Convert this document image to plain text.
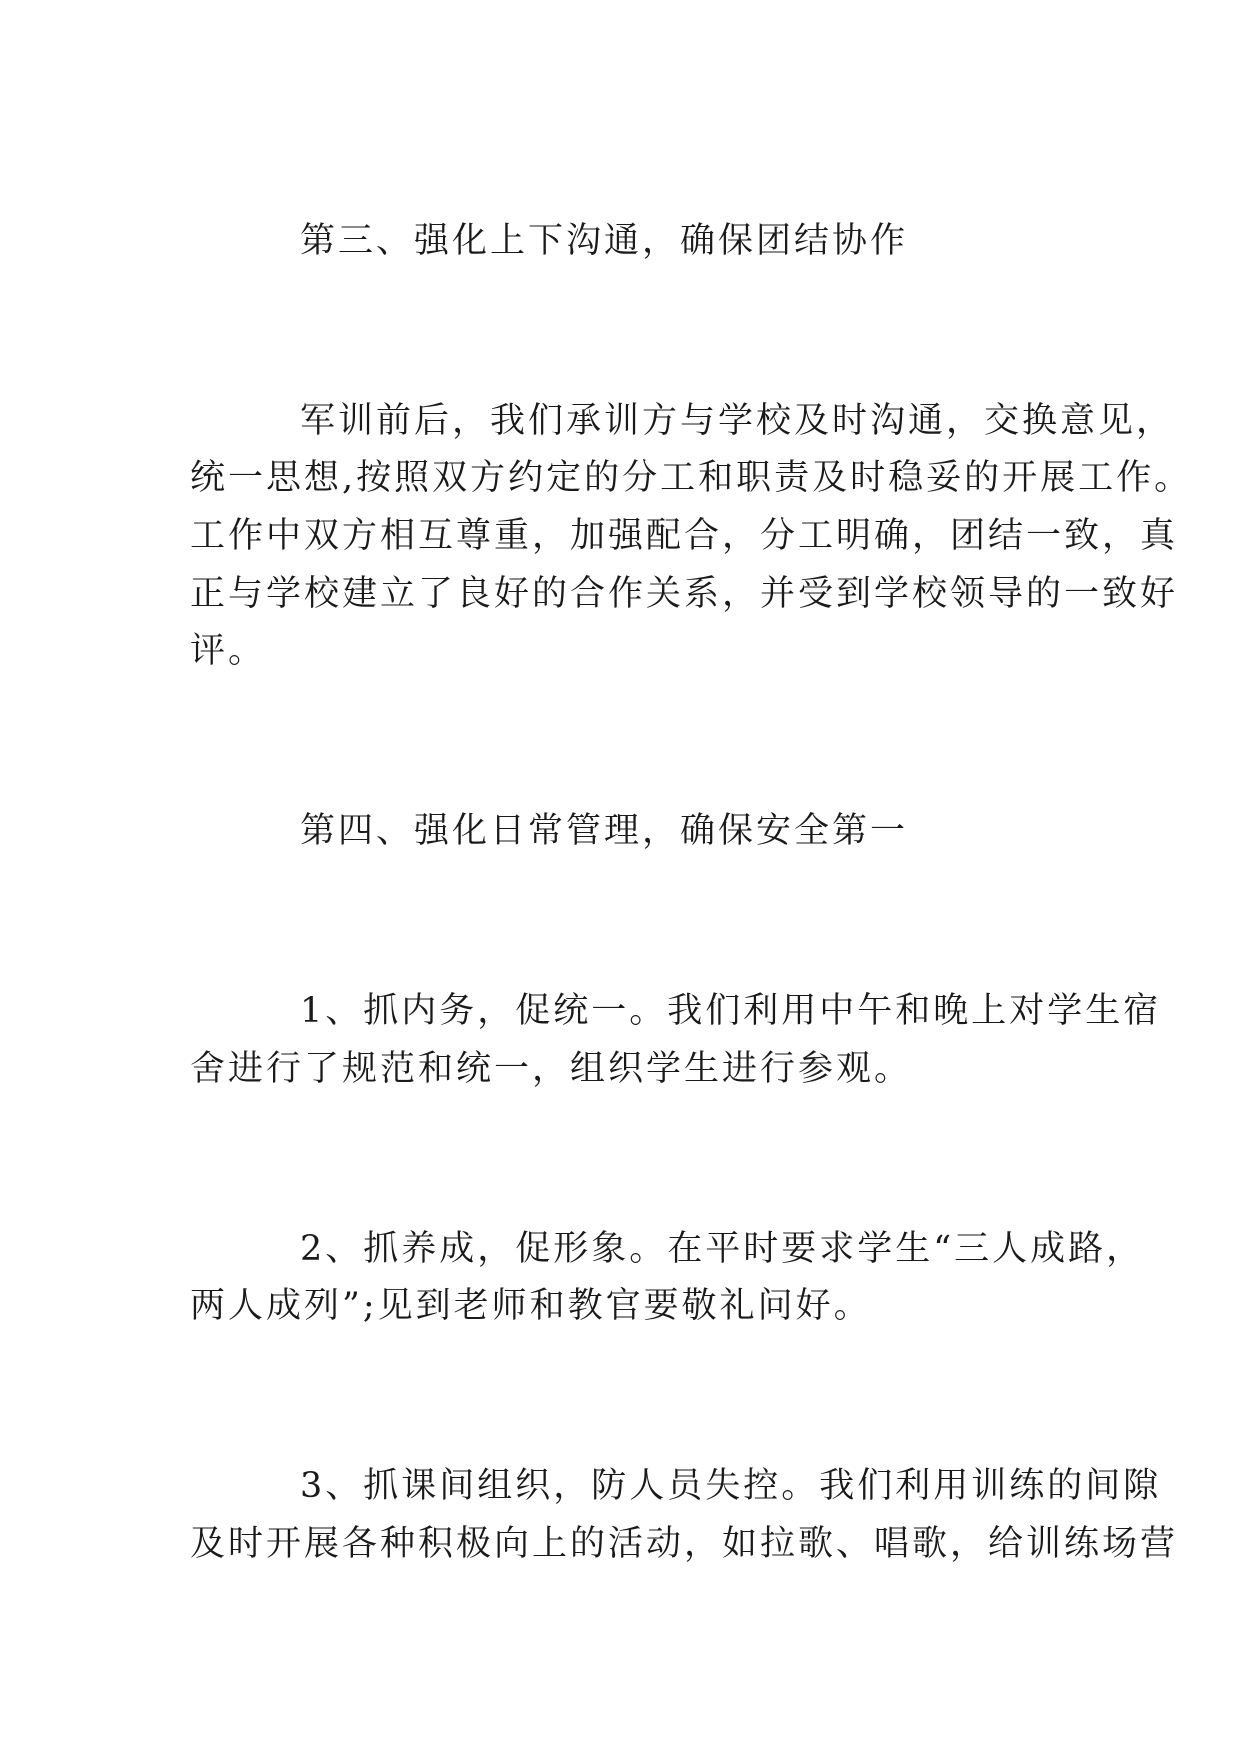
第三、强化上下沟通，确保团结协作
军训前后，我们承训方与学校及时沟通，交换意见，
统一思想,按照双方约定的分工和职责及时稳妥的开展工作。
工作中双方相互尊重，加强配合，分工明确，团结一致，真
正与学校建立了良好的合作关系，并受到学校领导的一致好
评。
第四、强化日常管理，确保安全第一
1、抓内务，促统一。我们利用中午和晚上对学生宿
舍进行了规范和统一，组织学生进行参观。
2、抓养成，促形象。在平时要求学生“三人成路，
两人成列”;见到老师和教官要敬礼问好。
3、抓课间组织，防人员失控。我们利用训练的间隙
及时开展各种积极向上的活动，如拉歌、唱歌，给训练场营
